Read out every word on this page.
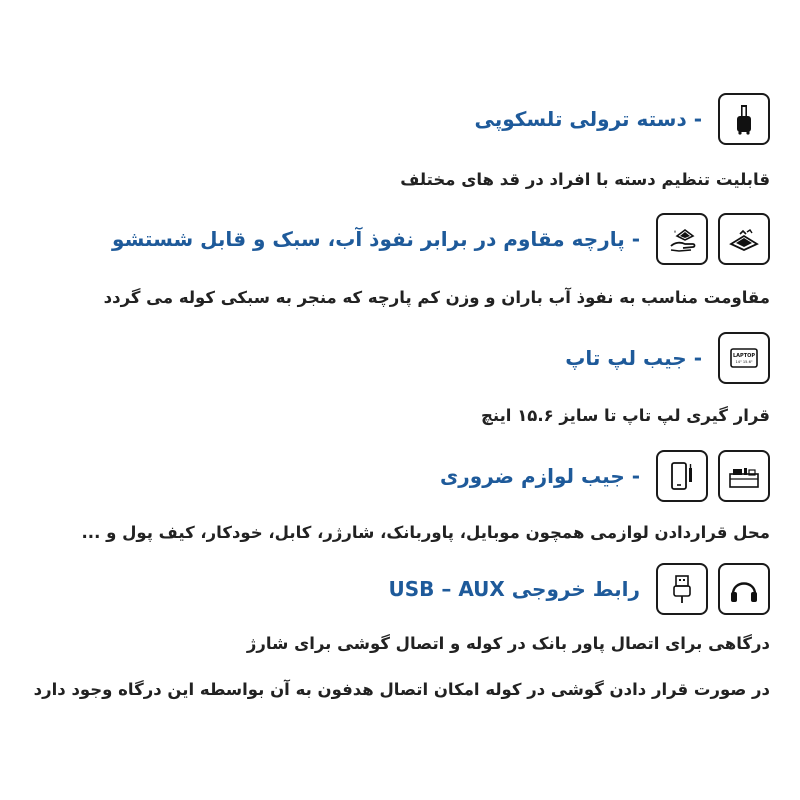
- دسته ترولی تلسکوپی
قابلیت تنظیم دسته با افراد در قد های مختلف
- پارچه مقاوم در برابر نفوذ آب، سبک و قابل شستشو
مقاومت مناسب به نفوذ آب باران و وزن کم پارچه که منجر به سبکی کوله می گردد
LAPTOP
14" 15.6"
- جیب لپ تاپ
قرار گیری لپ تاپ تا سایز ۱۵.۶ اینچ
- جیب لوازم ضروری
محل قراردادن لوازمی همچون موبایل، پاوربانک، شارژر، کابل، خودکار، کیف پول و ...
رابط خروجی USB – AUX
درگاهی برای اتصال پاور بانک در کوله و اتصال گوشی برای شارژ
در صورت قرار دادن گوشی در کوله امکان اتصال هدفون به آن بواسطه این درگاه وجود دارد
